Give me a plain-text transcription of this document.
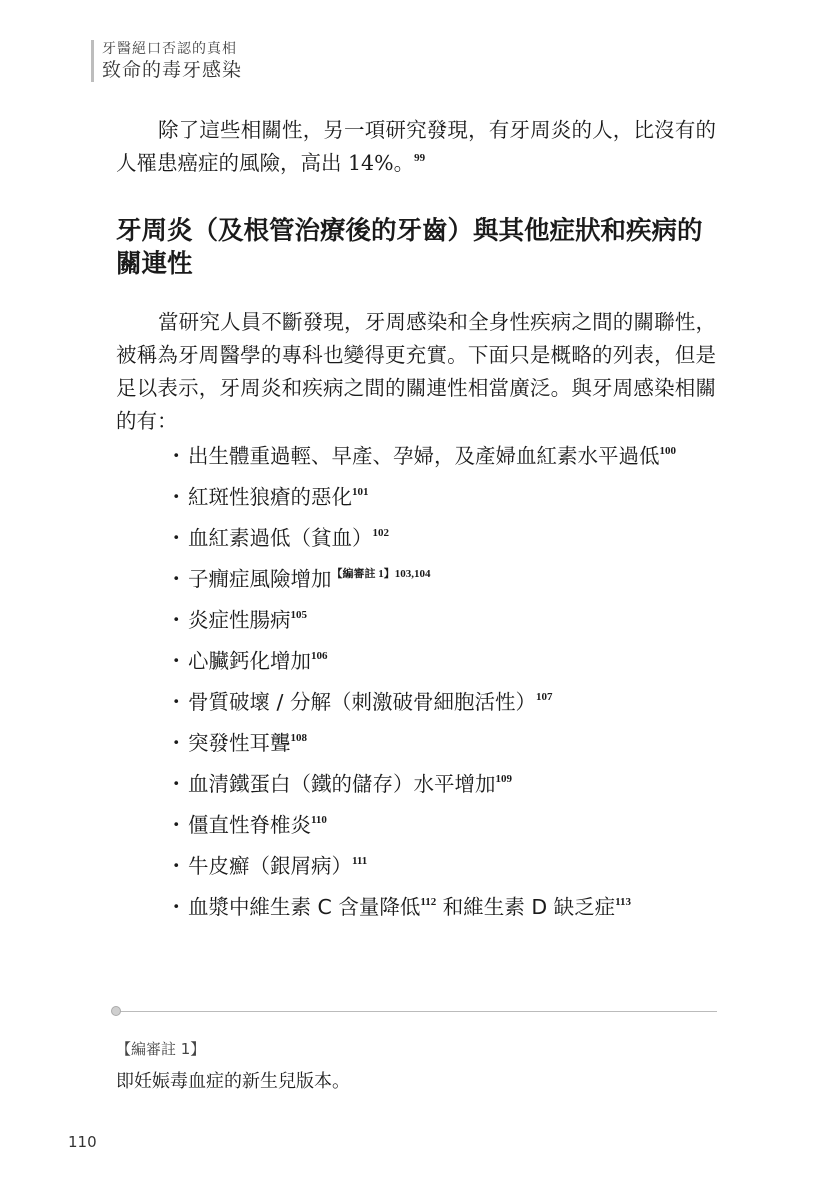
牙醫絕口否認的真相
致命的毒牙感染

除了這些相關性，另一項研究發現，有牙周炎的人，比沒有的人罹患癌症的風險，高出 14%。$^{99}$

牙周炎（及根管治療後的牙齒）與其他症狀和疾病的關連性

當研究人員不斷發現，牙周感染和全身性疾病之間的關聯性，被稱為牙周醫學的專科也變得更充實。下面只是概略的列表，但是足以表示，牙周炎和疾病之間的關連性相當廣泛。與牙周感染相關的有：

・出生體重過輕、早產、孕婦，及產婦血紅素水平過低$^{100}$
・紅斑性狼瘡的惡化$^{101}$
・血紅素過低（貧血）$^{102}$
・子癇症風險增加$^{【編審註 1】103,104}$
・炎症性腸病$^{105}$
・心臟鈣化增加$^{106}$
・骨質破壞 / 分解（刺激破骨細胞活性）$^{107}$
・突發性耳聾$^{108}$
・血清鐵蛋白（鐵的儲存）水平增加$^{109}$
・僵直性脊椎炎$^{110}$
・牛皮癬（銀屑病）$^{111}$
・血漿中維生素 C 含量降低$^{112}$ 和維生素 D 缺乏症$^{113}$
【編審註 1】
即妊娠毒血症的新生兒版本。
110
